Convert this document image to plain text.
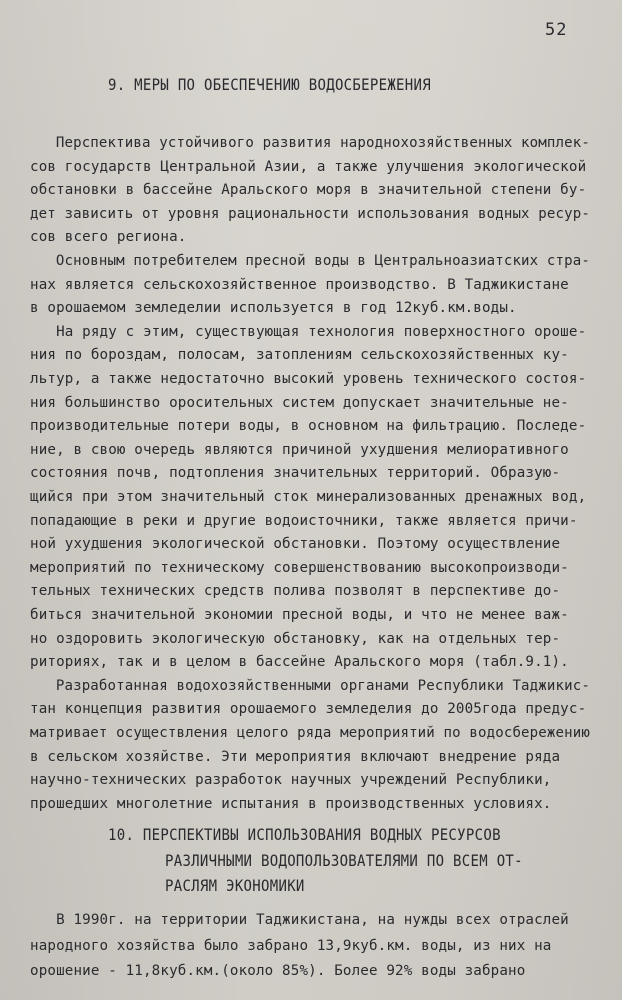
52
9. МЕРЫ ПО ОБЕСПЕЧЕНИЮ ВОДОСБЕРЕЖЕНИЯ
Перспектива устойчивого развития народнохозяйственных комплек-
сов государств Центральной Азии, а также улучшения экологической
обстановки в бассейне Аральского моря в значительной степени бу-
дет зависить от уровня рациональности использования водных ресур-
сов всего региона.
Основным потребителем пресной воды в Центральноазиатских стра-
нах является сельскохозяйственное производство. В Таджикистане
в орошаемом земледелии используется в год 12куб.км.воды.
На ряду с этим, существующая технология поверхностного ороше-
ния по бороздам, полосам, затоплениям сельскохозяйственных ку-
льтур, а также недостаточно высокий уровень технического состоя-
ния большинство оросительных систем допускает значительные не-
производительные потери воды, в основном на фильтрацию. Последе-
ние, в свою очередь являются причиной ухудшения мелиоративного
состояния почв, подтопления значительных территорий. Образую-
щийся при этом значительный сток минерализованных дренажных вод,
попадающие в реки и другие водоисточники, также является причи-
ной ухудшения экологической обстановки. Поэтому осуществление
мероприятий по техническому совершенствованию высокопроизводи-
тельных технических средств полива позволят в перспективе до-
биться значительной экономии пресной воды, и что не менее важ-
но оздоровить экологическую обстановку, как на отдельных тер-
риториях, так и в целом в бассейне Аральского моря (табл.9.1).
Разработанная водохозяйственными органами Республики Таджикис-
тан концепция развития орошаемого земледелия до 2005года предус-
матривает осуществления целого ряда мероприятий по водосбережению
в сельском хозяйстве. Эти мероприятия включают внедрение ряда
научно-технических разработок научных учреждений Республики,
прошедших многолетние испытания в производственных условиях.
10. ПЕРСПЕКТИВЫ ИСПОЛЬЗОВАНИЯ ВОДНЫХ РЕСУРСОВ
РАЗЛИЧНЫМИ ВОДОПОЛЬЗОВАТЕЛЯМИ ПО ВСЕМ ОТ-
РАСЛЯМ ЭКОНОМИКИ
В 1990г. на территории Таджикистана, на нужды всех отраслей
народного хозяйства было забрано 13,9куб.км. воды, из них на
орошение - 11,8куб.км.(около 85%). Более 92% воды забрано
